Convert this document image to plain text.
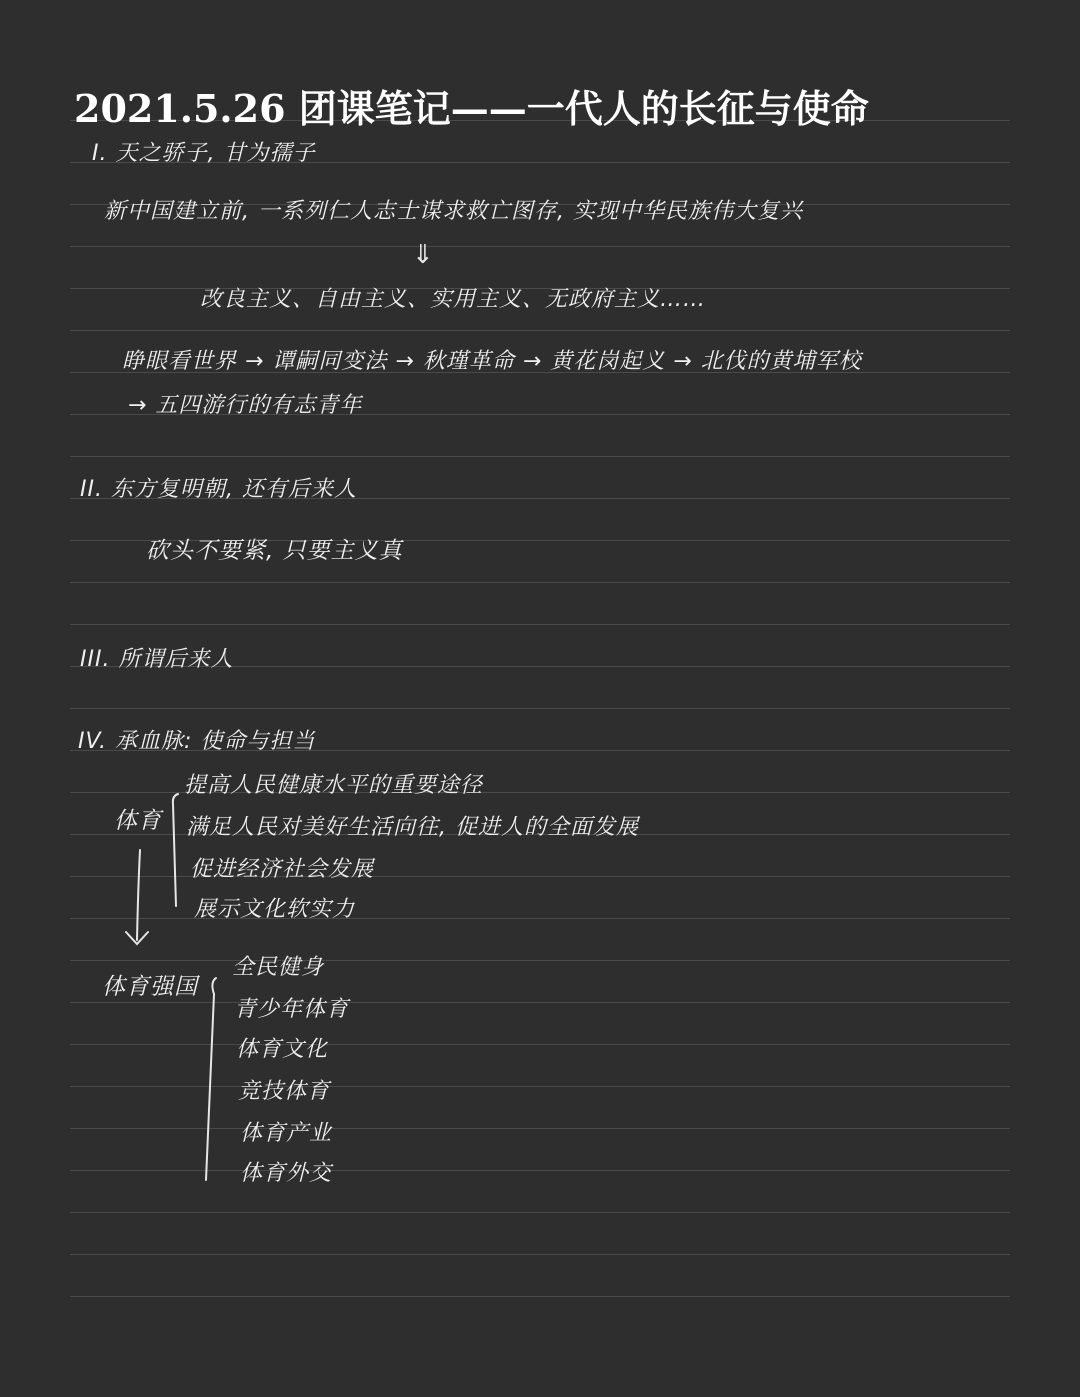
2021.5.26 团课笔记——一代人的长征与使命
I. 天之骄子, 甘为孺子
新中国建立前, 一系列仁人志士谋求救亡图存, 实现中华民族伟大复兴
⇓
改良主义、自由主义、实用主义、无政府主义……
睁眼看世界 → 谭嗣同变法 → 秋瑾革命 → 黄花岗起义 → 北伐的黄埔军校
→ 五四游行的有志青年
II. 东方复明朝, 还有后来人
砍头不要紧, 只要主义真
III. 所谓后来人
IV. 承血脉: 使命与担当
体育
提高人民健康水平的重要途径
满足人民对美好生活向往, 促进人的全面发展
促进经济社会发展
展示文化软实力
体育强国
全民健身
青少年体育
体育文化
竞技体育
体育产业
体育外交
